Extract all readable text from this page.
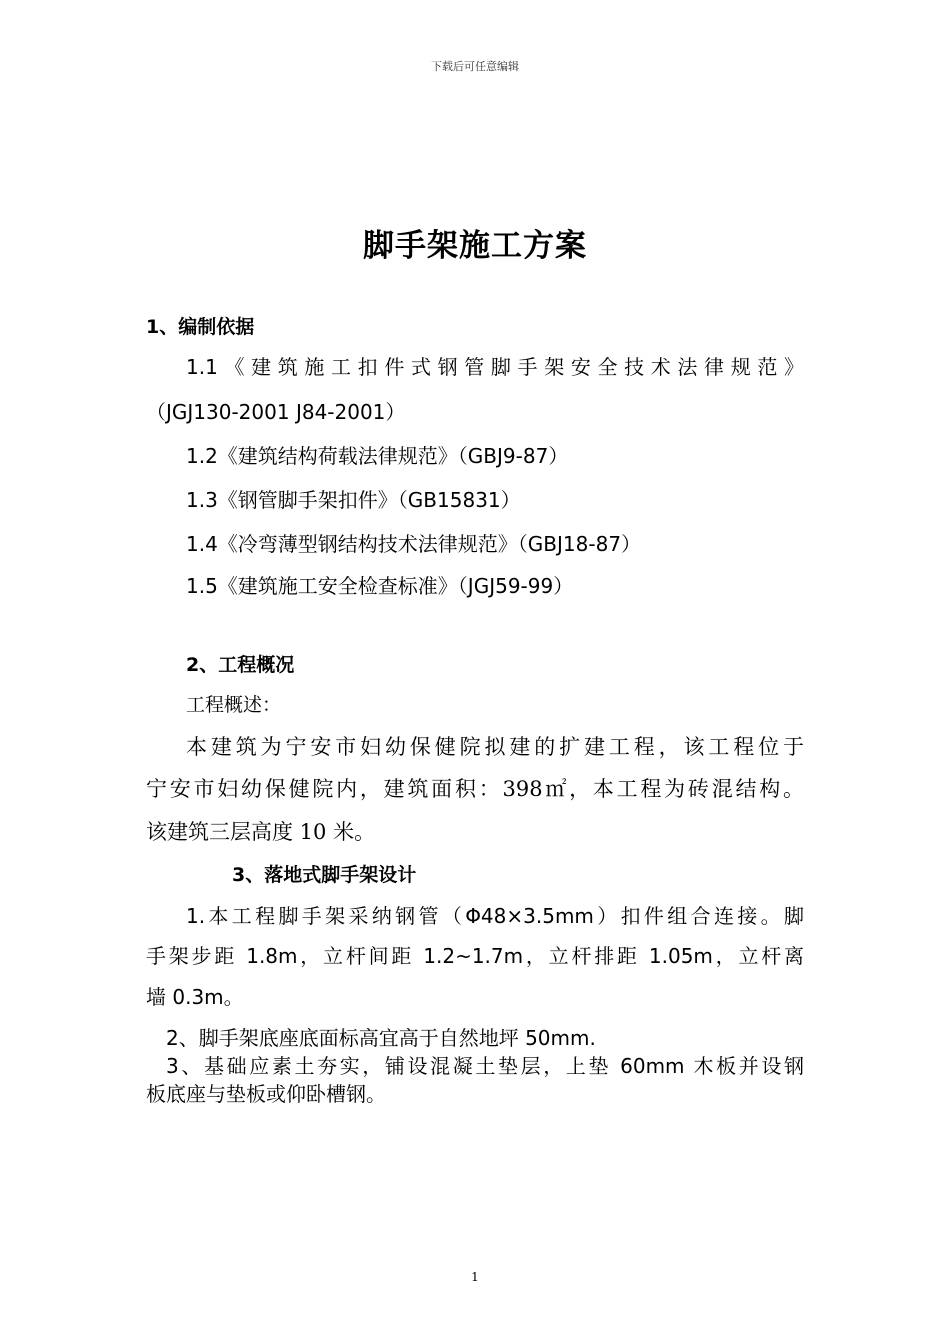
下载后可任意编辑
脚手架施工方案
1、编制依据
1.1《建筑施工扣件式钢管脚手架安全技术法律规范》
（JGJ130-2001 J84-2001）
1.2《建筑结构荷载法律规范》（GBJ9-87）
1.3《钢管脚手架扣件》（GB15831）
1.4《冷弯薄型钢结构技术法律规范》（GBJ18-87）
1.5《建筑施工安全检查标准》（JGJ59-99）
2、工程概况
工程概述：
本建筑为宁安市妇幼保健院拟建的扩建工程，该工程位于
宁安市妇幼保健院内，建筑面积：398㎡，本工程为砖混结构。
该建筑三层高度 10 米。
3、落地式脚手架设计
1.本工程脚手架采纳钢管（Φ48×3.5mm）扣件组合连接。脚
手架步距 1.8m，立杆间距 1.2~1.7m，立杆排距 1.05m，立杆离
墙 0.3m。
2、脚手架底座底面标高宜高于自然地坪 50mm.
3、基础应素土夯实，铺设混凝土垫层，上垫 60mm 木板并设钢
板底座与垫板或仰卧槽钢。
1
